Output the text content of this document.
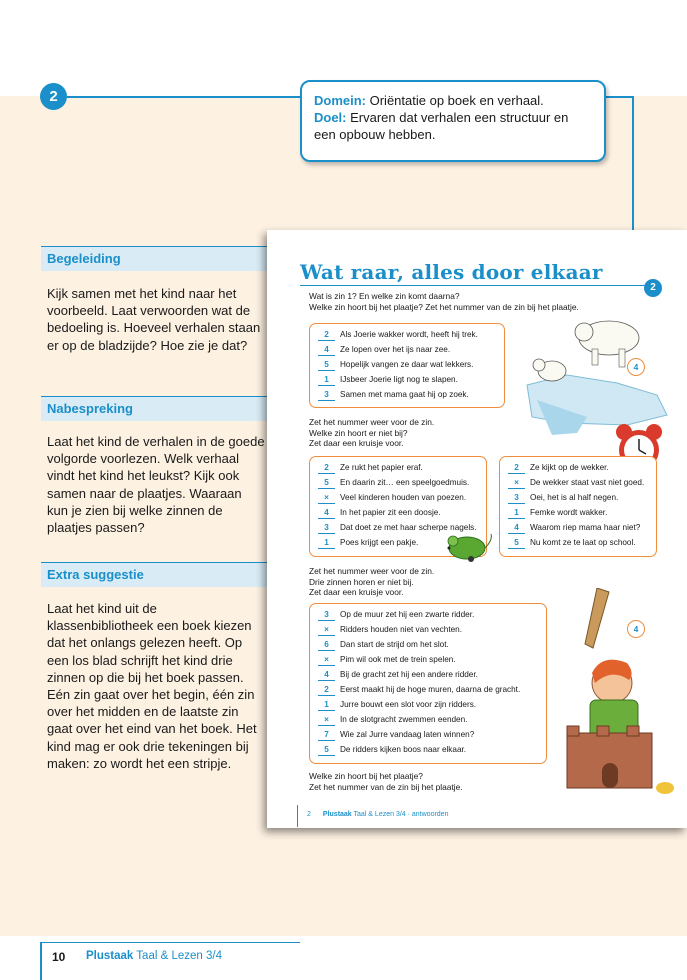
2	Domein: Oriëntatie op boek en verhaal.
Doel: Ervaren dat verhalen een structuur en een opbouw hebben.
Begeleiding
Kijk samen met het kind naar het voorbeeld. Laat verwoorden wat de bedoeling is. Hoeveel verhalen staan er op de bladzijde? Hoe zie je dat?
Nabespreking
Laat het kind de verhalen in de goede volgorde voorlezen. Welk verhaal vindt het kind het leukst? Kijk ook samen naar de plaatjes. Waaraan kun je zien bij welke zinnen de plaatjes passen?
Extra suggestie
Laat het kind uit de klassenbibliotheek een boek kiezen dat het onlangs gelezen heeft. Op een los blad schrijft het kind drie zinnen op die bij het boek passen. Eén zin gaat over het begin, één zin over het midden en de laatste zin gaat over het eind van het boek. Het kind mag er ook drie tekeningen bij maken: zo wordt het een stripje.
Wat raar, alles door elkaar
2
Wat is zin 1? En welke zin komt daarna?
Welke zin hoort bij het plaatje? Zet het nummer van de zin bij het plaatje.
2 Als Joerie wakker wordt, heeft hij trek.
4 Ze lopen over het ijs naar zee.
5 Hopelijk vangen ze daar wat lekkers.
1 IJsbeer Joerie ligt nog te slapen.
3 Samen met mama gaat hij op zoek.
4
Zet het nummer weer voor de zin.
Welke zin hoort er niet bij?
Zet daar een kruisje voor.
2 Ze rukt het papier eraf.
5 En daarin zit… een speelgoedmuis.
× Veel kinderen houden van poezen.
4 In het papier zit een doosje.
3 Dat doet ze met haar scherpe nagels.
1 Poes krijgt een pakje.
2 Ze kijkt op de wekker.
× De wekker staat vast niet goed.
3 Oei, het is al half negen.
1 Femke wordt wakker.
4 Waarom riep mama haar niet?
5 Nu komt ze te laat op school.
Zet het nummer weer voor de zin.
Drie zinnen horen er niet bij.
Zet daar een kruisje voor.
3 Op de muur zet hij een zwarte ridder.
× Ridders houden niet van vechten.
6 Dan start de strijd om het slot.
× Pim wil ook met de trein spelen.
4 Bij de gracht zet hij een andere ridder.
2 Eerst maakt hij de hoge muren, daarna de gracht.
1 Jurre bouwt een slot voor zijn ridders.
× In de slotgracht zwemmen eenden.
7 Wie zal Jurre vandaag laten winnen?
5 De ridders kijken boos naar elkaar.
4
Welke zin hoort bij het plaatje?
Zet het nummer van de zin bij het plaatje.
2 Plustaak Taal & Lezen 3/4 · antwoorden
10 Plustaak Taal & Lezen 3/4
